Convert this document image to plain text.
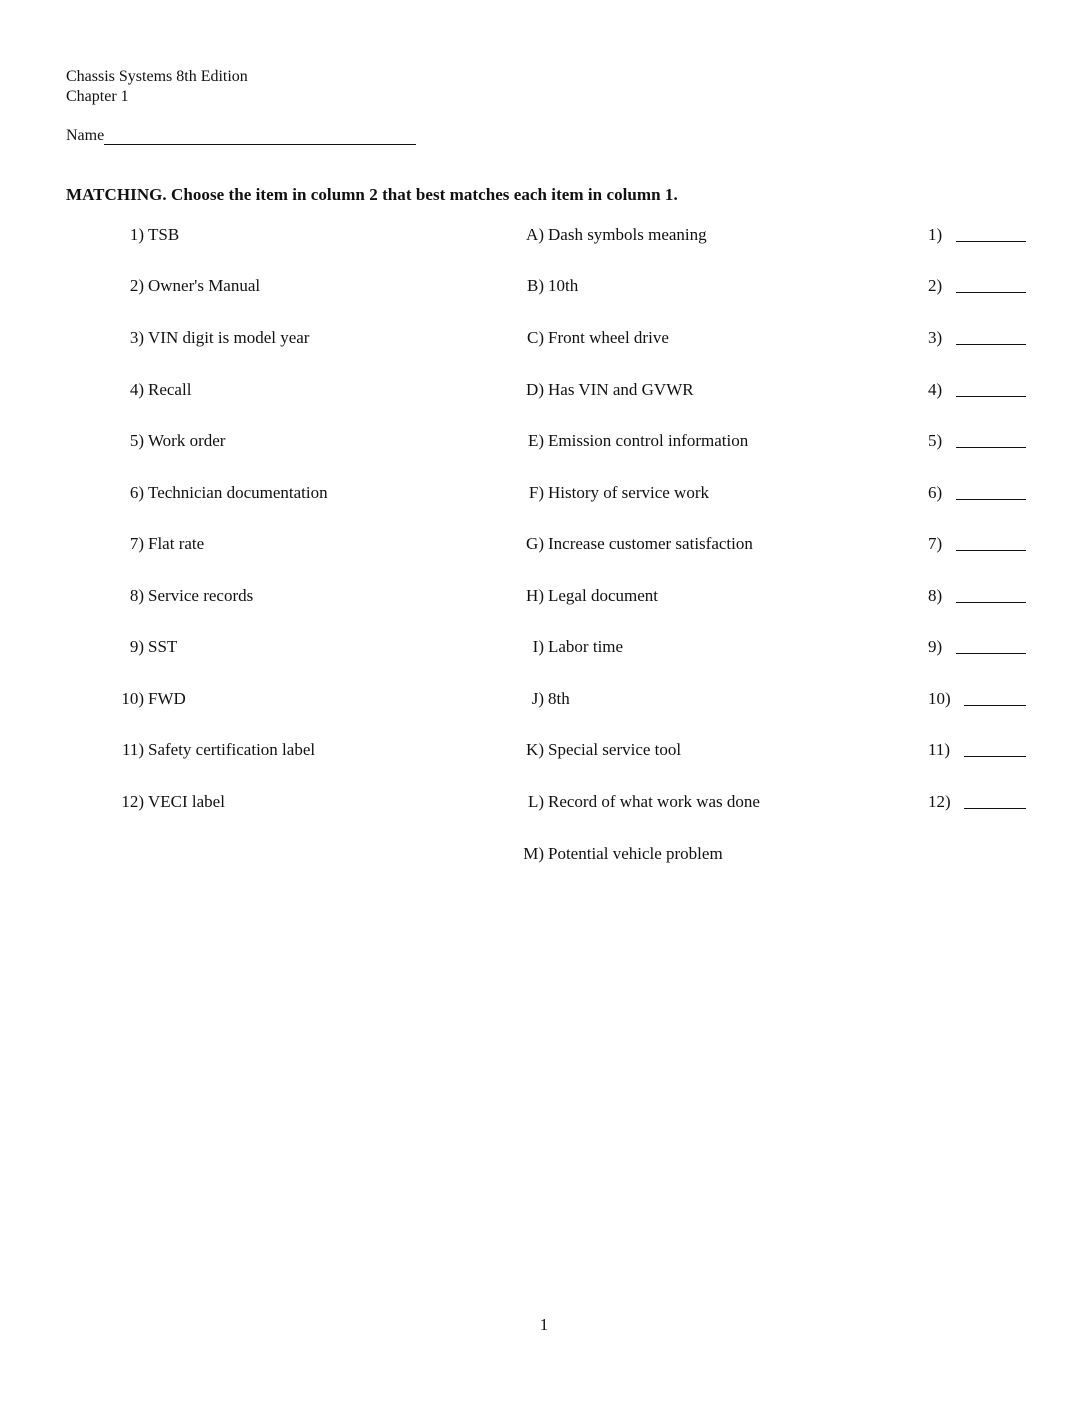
Chassis Systems 8th Edition
Chapter 1
Name
MATCHING. Choose the item in column 2 that best matches each item in column 1.
1) TSB	A) Dash symbols meaning	1)
2) Owner's Manual	B) 10th	2)
3) VIN digit is model year	C) Front wheel drive	3)
4) Recall	D) Has VIN and GVWR	4)
5) Work order	E) Emission control information	5)
6) Technician documentation	F) History of service work	6)
7) Flat rate	G) Increase customer satisfaction	7)
8) Service records	H) Legal document	8)
9) SST	I) Labor time	9)
10) FWD	J) 8th	10)
11) Safety certification label	K) Special service tool	11)
12) VECI label	L) Record of what work was done	12)
M) Potential vehicle problem
1
